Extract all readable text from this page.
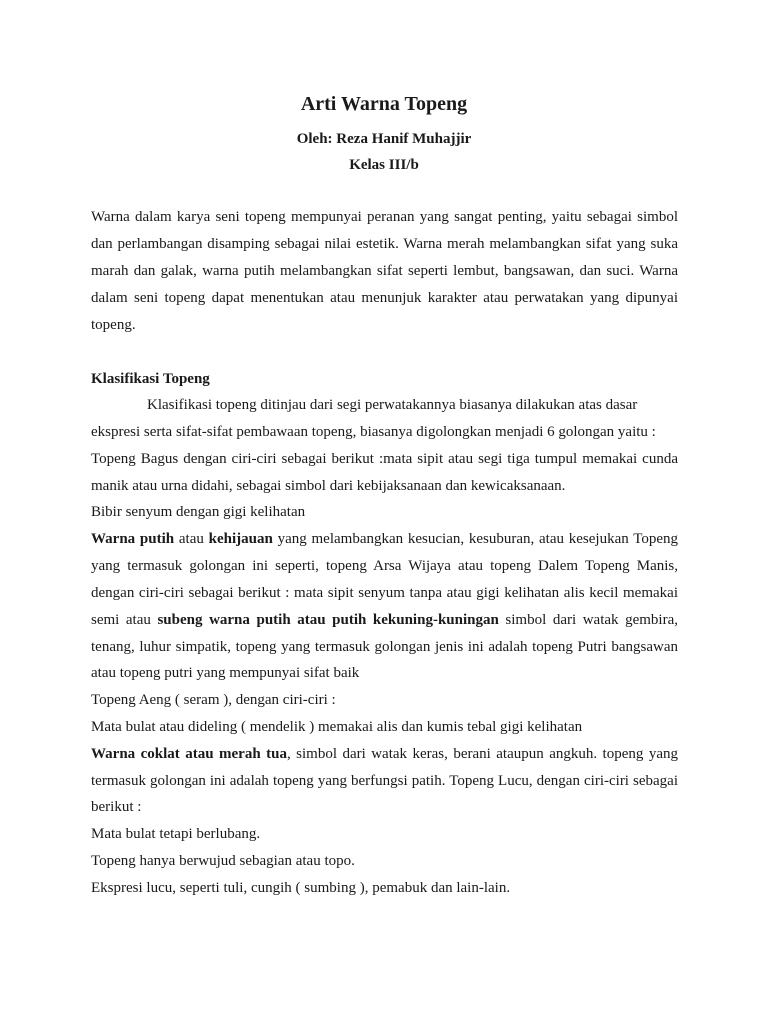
Arti Warna Topeng

Oleh: Reza Hanif Muhajjir

Kelas III/b

Warna dalam karya seni topeng mempunyai peranan yang sangat penting, yaitu sebagai simbol

dan perlambangan disamping sebagai nilai estetik. Warna merah melambangkan sifat yang suka

marah dan galak, warna putih melambangkan sifat seperti lembut, bangsawan, dan suci. Warna

dalam seni topeng dapat menentukan atau menunjuk karakter atau perwatakan yang dipunyai

topeng.

Klasifikasi Topeng

Klasifikasi topeng ditinjau dari segi perwatakannya biasanya dilakukan atas dasar

ekspresi serta sifat-sifat pembawaan topeng, biasanya digolongkan menjadi 6 golongan yaitu :

Topeng Bagus dengan ciri-ciri sebagai berikut :mata sipit atau segi tiga tumpul memakai cunda

manik atau urna didahi, sebagai simbol dari kebijaksanaan dan kewicaksanaan.

Bibir senyum dengan gigi kelihatan

Warna putih atau kehijauan yang melambangkan kesucian, kesuburan, atau kesejukan Topeng

yang termasuk golongan ini seperti, topeng Arsa Wijaya atau topeng Dalem Topeng Manis,

dengan ciri-ciri sebagai berikut : mata sipit senyum tanpa atau gigi kelihatan alis kecil memakai

semi atau subeng warna putih atau putih kekuning-kuningan simbol dari watak gembira,

tenang, luhur simpatik, topeng yang termasuk golongan jenis ini adalah topeng Putri bangsawan

atau topeng putri yang mempunyai sifat baik

Topeng Aeng ( seram ), dengan ciri-ciri :

Mata bulat atau dideling ( mendelik ) memakai alis dan kumis tebal gigi kelihatan

Warna coklat atau merah tua, simbol dari watak keras, berani ataupun angkuh. topeng yang

termasuk golongan ini adalah topeng yang berfungsi patih. Topeng Lucu, dengan ciri-ciri sebagai

berikut :

Mata bulat tetapi berlubang.

Topeng hanya berwujud sebagian atau topo.

Ekspresi lucu, seperti tuli, cungih ( sumbing ), pemabuk dan lain-lain.
